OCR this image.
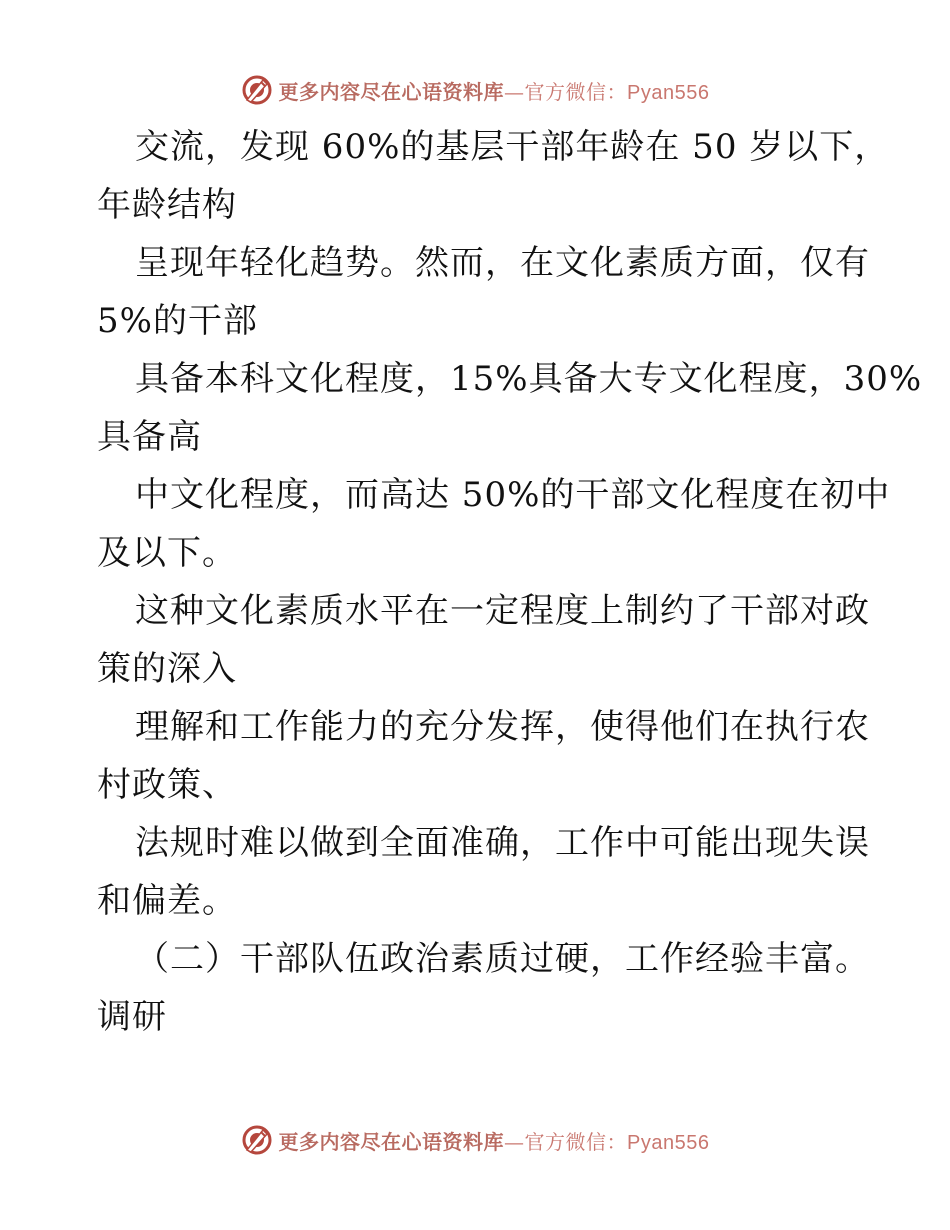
更多内容尽在心语资料库—官方微信：Pyan556
交流，发现 60%的基层干部年龄在 50 岁以下，
年龄结构
呈现年轻化趋势。然而，在文化素质方面，仅有
5%的干部
具备本科文化程度，15%具备大专文化程度，30%
具备高
中文化程度，而高达 50%的干部文化程度在初中
及以下。
这种文化素质水平在一定程度上制约了干部对政
策的深入
理解和工作能力的充分发挥，使得他们在执行农
村政策、
法规时难以做到全面准确，工作中可能出现失误
和偏差。
（二）干部队伍政治素质过硬，工作经验丰富。
调研
更多内容尽在心语资料库—官方微信：Pyan556
